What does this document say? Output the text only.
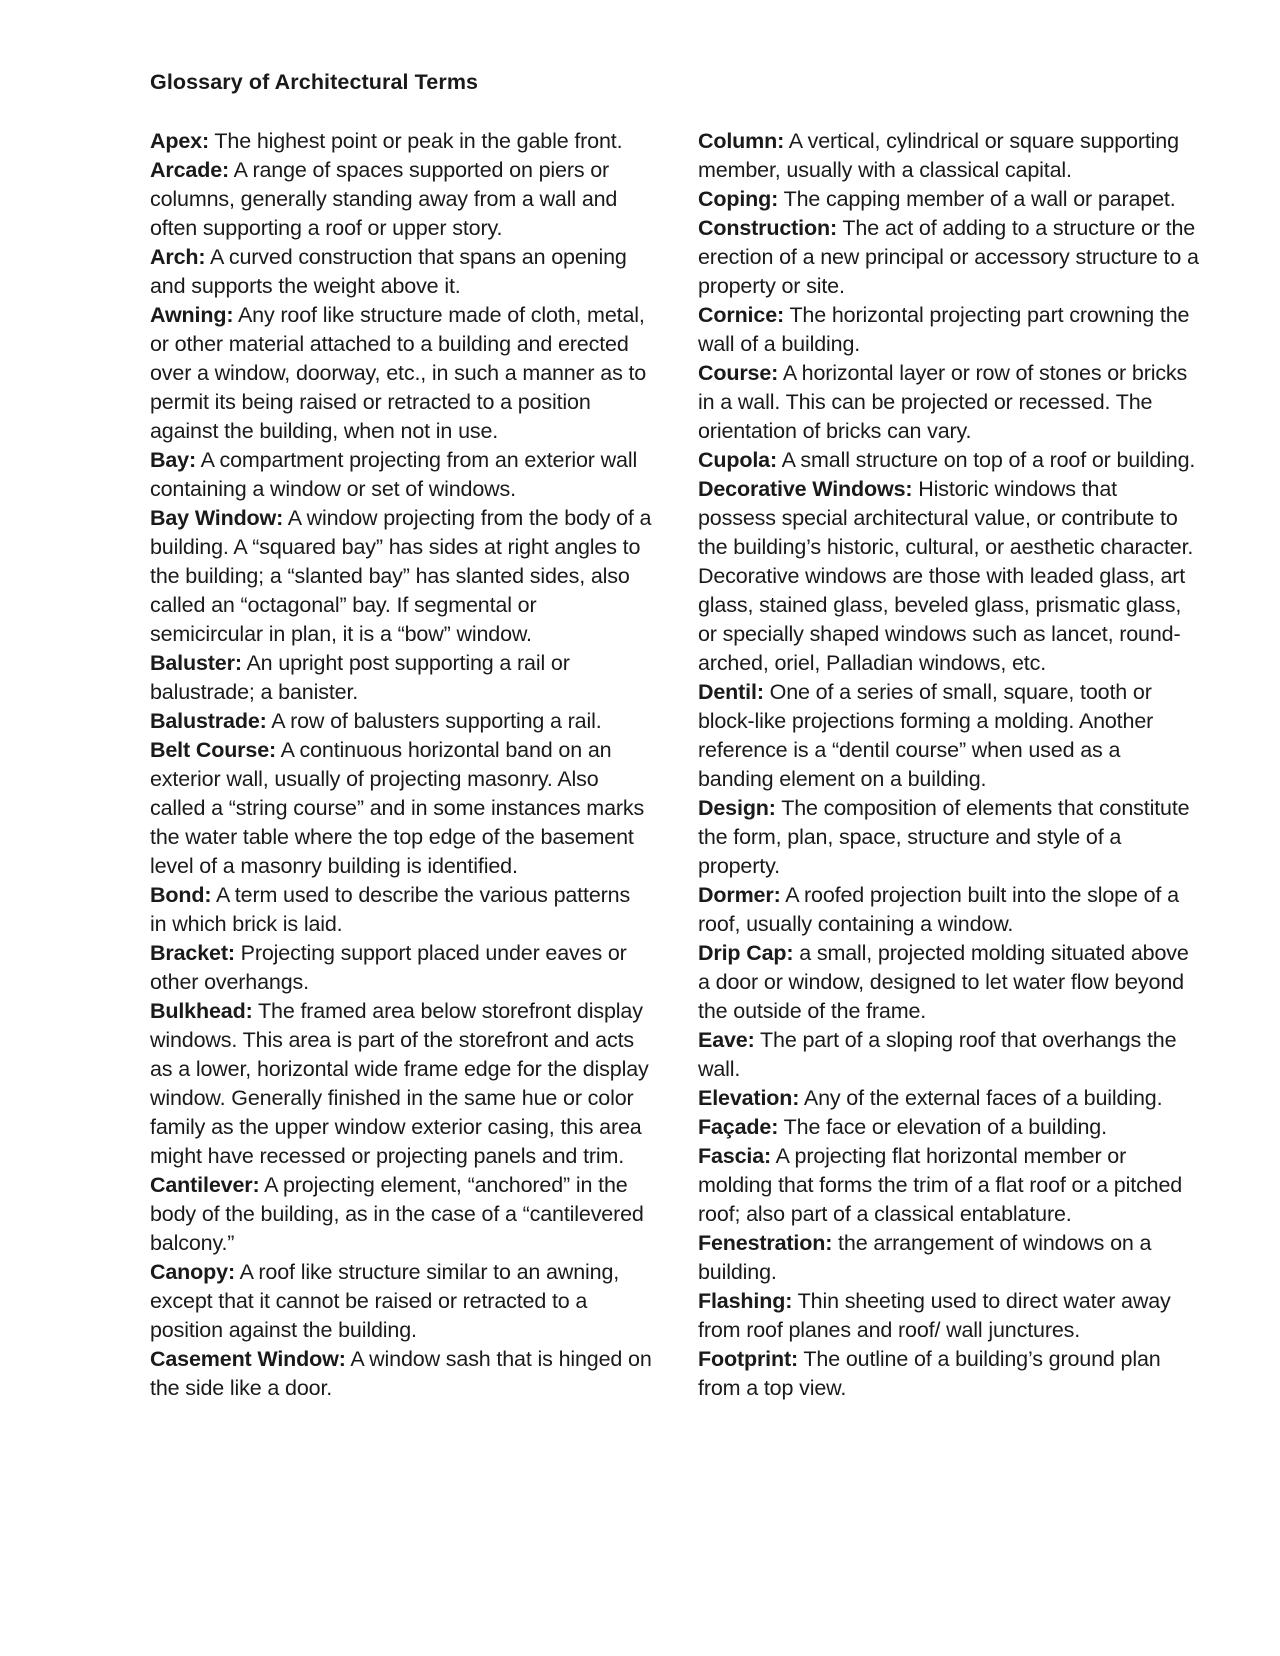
Glossary of Architectural Terms

Apex: The highest point or peak in the gable front.

Arcade: A range of spaces supported on piers or columns, generally standing away from a wall and often supporting a roof or upper story.

Arch: A curved construction that spans an opening and supports the weight above it.

Awning: Any roof like structure made of cloth, metal, or other material attached to a building and erected over a window, doorway, etc., in such a manner as to permit its being raised or retracted to a position against the building, when not in use.

Bay: A compartment projecting from an exterior wall containing a window or set of windows.

Bay Window: A window projecting from the body of a building. A “squared bay” has sides at right angles to the building; a “slanted bay” has slanted sides, also called an “octagonal” bay. If segmental or semicircular in plan, it is a “bow” window.

Baluster: An upright post supporting a rail or balustrade; a banister.

Balustrade: A row of balusters supporting a rail.

Belt Course: A continuous horizontal band on an exterior wall, usually of projecting masonry. Also called a “string course” and in some instances marks the water table where the top edge of the basement level of a masonry building is identified.

Bond: A term used to describe the various patterns in which brick is laid.

Bracket: Projecting support placed under eaves or other overhangs.

Bulkhead: The framed area below storefront display windows. This area is part of the storefront and acts as a lower, horizontal wide frame edge for the display window. Generally finished in the same hue or color family as the upper window exterior casing, this area might have recessed or projecting panels and trim.

Cantilever: A projecting element, “anchored” in the body of the building, as in the case of a “cantilevered balcony.”

Canopy: A roof like structure similar to an awning, except that it cannot be raised or retracted to a position against the building.

Casement Window: A window sash that is hinged on the side like a door.

Column: A vertical, cylindrical or square supporting member, usually with a classical capital.

Coping: The capping member of a wall or parapet.

Construction: The act of adding to a structure or the erection of a new principal or accessory structure to a property or site.

Cornice: The horizontal projecting part crowning the wall of a building.

Course: A horizontal layer or row of stones or bricks in a wall. This can be projected or recessed. The orientation of bricks can vary.

Cupola: A small structure on top of a roof or building.

Decorative Windows: Historic windows that possess special architectural value, or contribute to the building’s historic, cultural, or aesthetic character. Decorative windows are those with leaded glass, art glass, stained glass, beveled glass, prismatic glass, or specially shaped windows such as lancet, round-arched, oriel, Palladian windows, etc.

Dentil: One of a series of small, square, tooth or block-like projections forming a molding. Another reference is a “dentil course” when used as a banding element on a building.

Design: The composition of elements that constitute the form, plan, space, structure and style of a property.

Dormer: A roofed projection built into the slope of a roof, usually containing a window.

Drip Cap: a small, projected molding situated above a door or window, designed to let water flow beyond the outside of the frame.

Eave: The part of a sloping roof that overhangs the wall.

Elevation: Any of the external faces of a building.

Façade: The face or elevation of a building.

Fascia: A projecting flat horizontal member or molding that forms the trim of a flat roof or a pitched roof; also part of a classical entablature.

Fenestration: the arrangement of windows on a building.

Flashing: Thin sheeting used to direct water away from roof planes and roof/ wall junctures.

Footprint: The outline of a building’s ground plan from a top view.
